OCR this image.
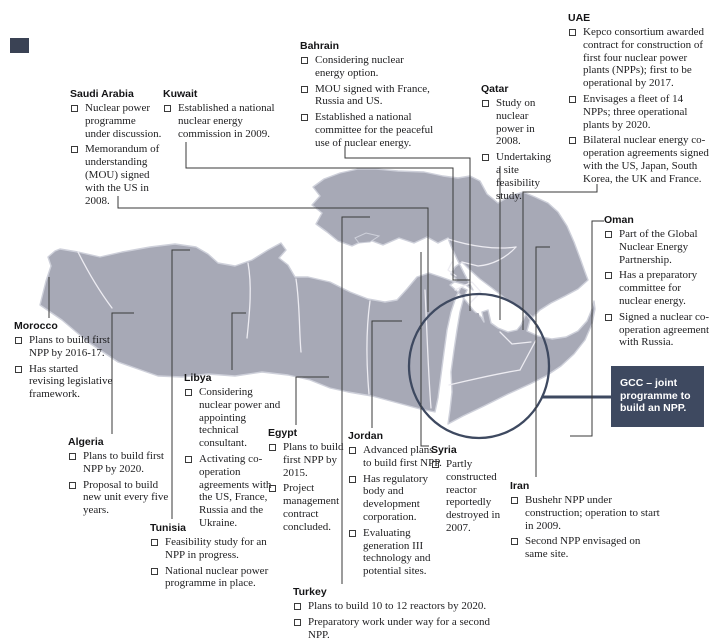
GCC – joint programme to build an NPP.
Saudi Arabia
Nuclear power programme under discussion.
Memorandum of understanding (MOU) signed with the US in 2008.
Kuwait
Established a national nuclear energy commission in 2009.
Bahrain
Considering nuclear energy option.
MOU signed with France, Russia and US.
Established a national committee for the peaceful use of nuclear energy.
Qatar
Study on nuclear power in 2008.
Undertaking a site feasibility study.
UAE
Kepco consortium awarded contract for construction of first four nuclear power plants (NPPs); first to be operational by 2017.
Envisages a fleet of 14 NPPs; three operational plants by 2020.
Bilateral nuclear energy co-operation agreements signed with the US, Japan, South Korea, the UK and France.
Oman
Part of the Global Nuclear Energy Partnership.
Has a preparatory committee for nuclear energy.
Signed a nuclear co-operation agreement with Russia.
Morocco
Plans to build first NPP by 2016-17.
Has started revising legislative framework.
Algeria
Plans to build first NPP by 2020.
Proposal to build new unit every five years.
Tunisia
Feasibility study for an NPP in progress.
National nuclear power programme in place.
Libya
Considering nuclear power and appointing technical consultant.
Activating co-operation agreements with the US, France, Russia and the Ukraine.
Egypt
Plans to build first NPP by 2015.
Project management contract concluded.
Jordan
Advanced plans to build first NPP.
Has regulatory body and development corporation.
Evaluating generation III technology and potential sites.
Syria
Partly constructed reactor reportedly destroyed in 2007.
Turkey
Plans to build 10 to 12 reactors by 2020.
Preparatory work under way for a second NPP.
Iran
Bushehr NPP under construction; operation to start in 2009.
Second NPP envisaged on same site.
